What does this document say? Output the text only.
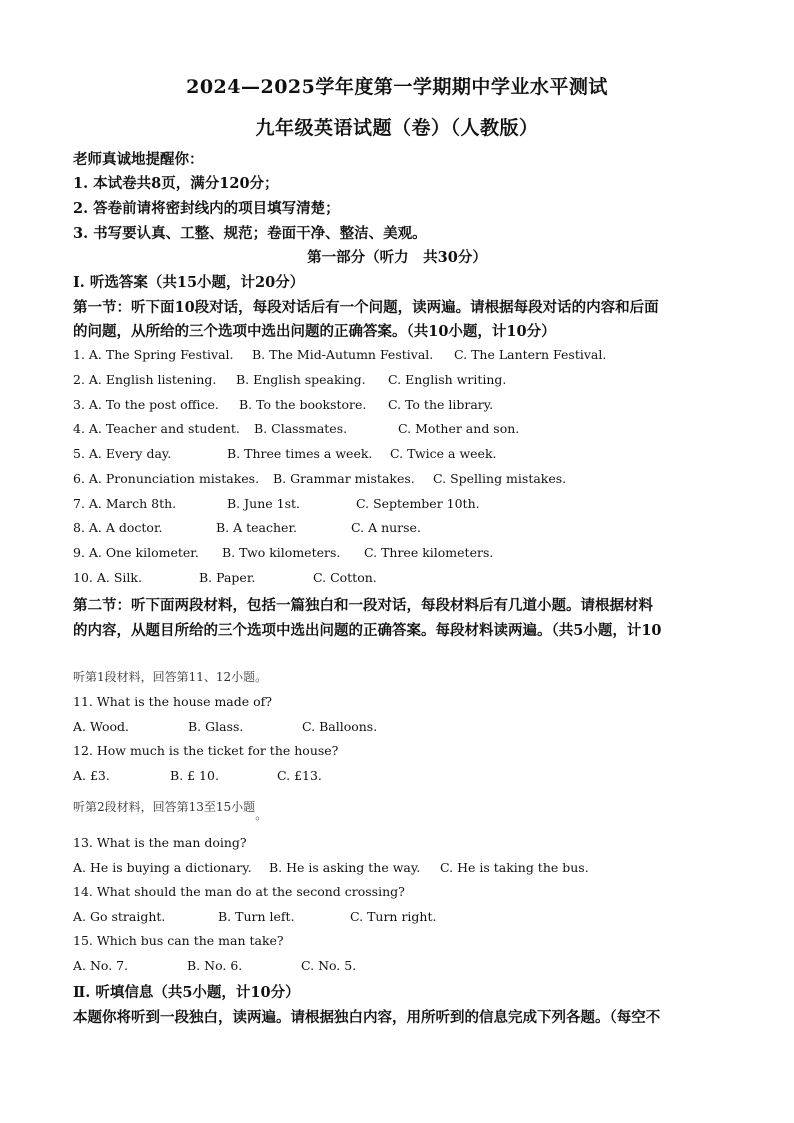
2024—2025学年度第一学期期中学业水平测试
九年级英语试题（卷）（人教版）
老师真诚地提醒你：
1. 本试卷共8页，满分120分；
2. 答卷前请将密封线内的项目填写清楚；
3. 书写要认真、工整、规范；卷面干净、整洁、美观。
第一部分（听力　共30分）
Ⅰ. 听选答案（共15小题，计20分）
第一节：听下面10段对话，每段对话后有一个问题，读两遍。请根据每段对话的内容和后面
的问题，从所给的三个选项中选出问题的正确答案。（共10小题，计10分）
1. A. The Spring Festival. B. The Mid-Autumn Festival. C. The Lantern Festival.
2. A. English listening. B. English speaking. C. English writing.
3. A. To the post office. B. To the bookstore. C. To the library.
4. A. Teacher and student. B. Classmates.	C. Mother and son.
5. A. Every day.	B. Three times a week. C. Twice a week.
6. A. Pronunciation mistakes. B. Grammar mistakes. C. Spelling mistakes.
7. A. March 8th.	B. June 1st.	C. September 10th.
8. A. A doctor.	B. A teacher.	C. A nurse.
9. A. One kilometer. B. Two kilometers. C. Three kilometers.
10. A. Silk.	B. Paper.	C. Cotton.
第二节：听下面两段材料，包括一篇独白和一段对话，每段材料后有几道小题。请根据材料
的内容，从题目所给的三个选项中选出问题的正确答案。每段材料读两遍。（共5小题，计10
听第1段材料，回答第11、12小题。
11. What is the house made of?
A. Wood.	B. Glass.	C. Balloons.
12. How much is the ticket for the house?
A. £3.	B. £ 10.	C. £13.
听第2段材料，回答第13至15小题。
13. What is the man doing?
A. He is buying a dictionary. B. He is asking the way. C. He is taking the bus.
14. What should the man do at the second crossing?
A. Go straight.	B. Turn left.	C. Turn right.
15. Which bus can the man take?
A. No. 7.	B. No. 6.	C. No. 5.
Ⅱ. 听填信息（共5小题，计10分）
本题你将听到一段独白，读两遍。请根据独白内容，用所听到的信息完成下列各题。（每空不
